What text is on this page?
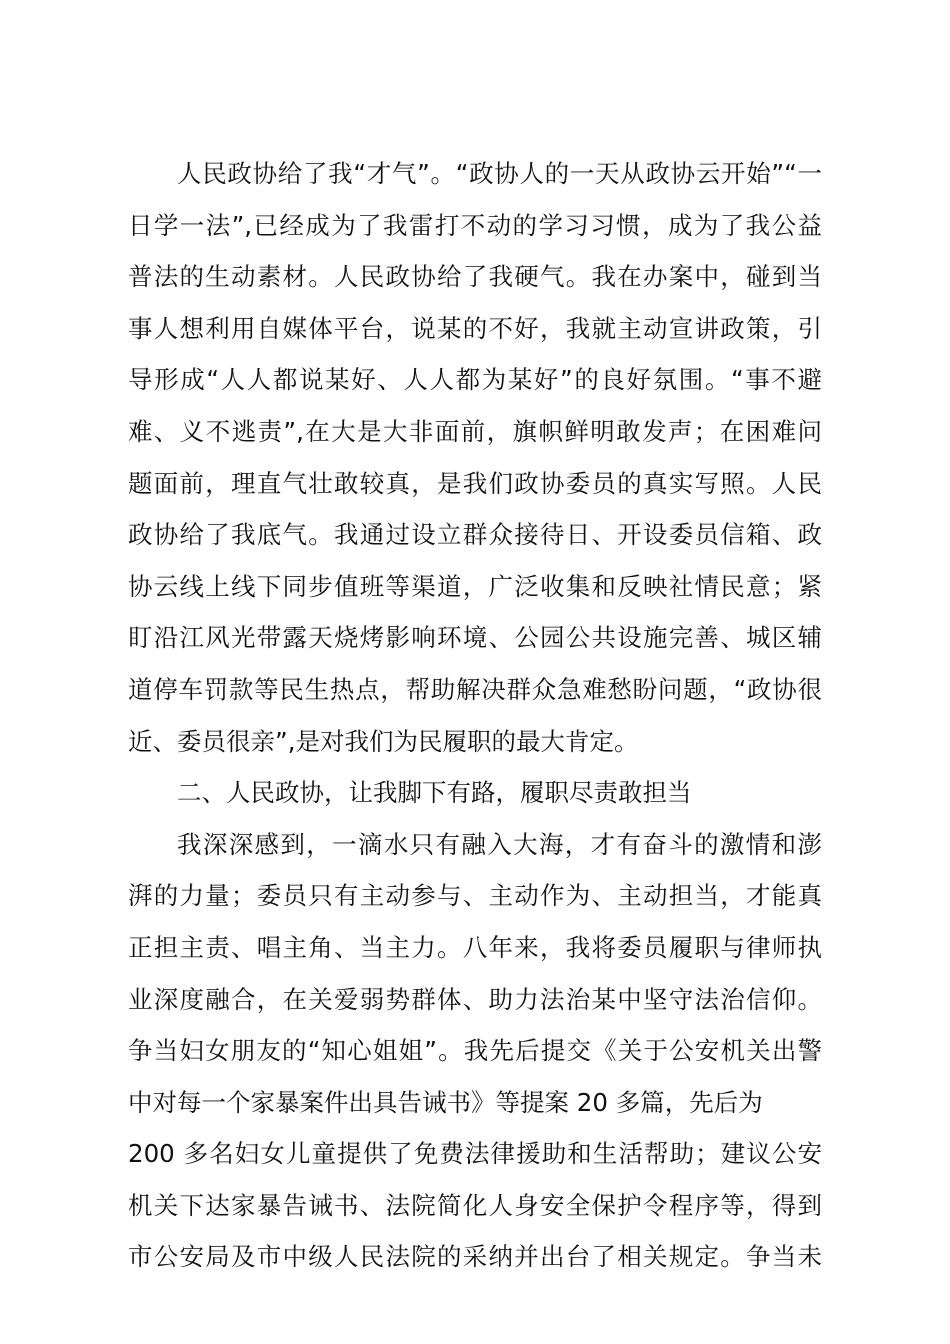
人民政协给了我“才气”。“政协人的一天从政协云开始”“一
日学一法”,已经成为了我雷打不动的学习习惯，成为了我公益
普法的生动素材。人民政协给了我硬气。我在办案中，碰到当
事人想利用自媒体平台，说某的不好，我就主动宣讲政策，引
导形成“人人都说某好、人人都为某好”的良好氛围。“事不避
难、义不逃责”,在大是大非面前，旗帜鲜明敢发声；在困难问
题面前，理直气壮敢较真，是我们政协委员的真实写照。人民
政协给了我底气。我通过设立群众接待日、开设委员信箱、政
协云线上线下同步值班等渠道，广泛收集和反映社情民意；紧
盯沿江风光带露天烧烤影响环境、公园公共设施完善、城区辅
道停车罚款等民生热点，帮助解决群众急难愁盼问题，“政协很
近、委员很亲”,是对我们为民履职的最大肯定。
二、人民政协，让我脚下有路，履职尽责敢担当
我深深感到，一滴水只有融入大海，才有奋斗的激情和澎
湃的力量；委员只有主动参与、主动作为、主动担当，才能真
正担主责、唱主角、当主力。八年来，我将委员履职与律师执
业深度融合，在关爱弱势群体、助力法治某中坚守法治信仰。
争当妇女朋友的“知心姐姐”。我先后提交《关于公安机关出警
中对每一个家暴案件出具告诫书》等提案 20 多篇，先后为
200 多名妇女儿童提供了免费法律援助和生活帮助；建议公安
机关下达家暴告诫书、法院简化人身安全保护令程序等，得到
市公安局及市中级人民法院的采纳并出台了相关规定。争当未
